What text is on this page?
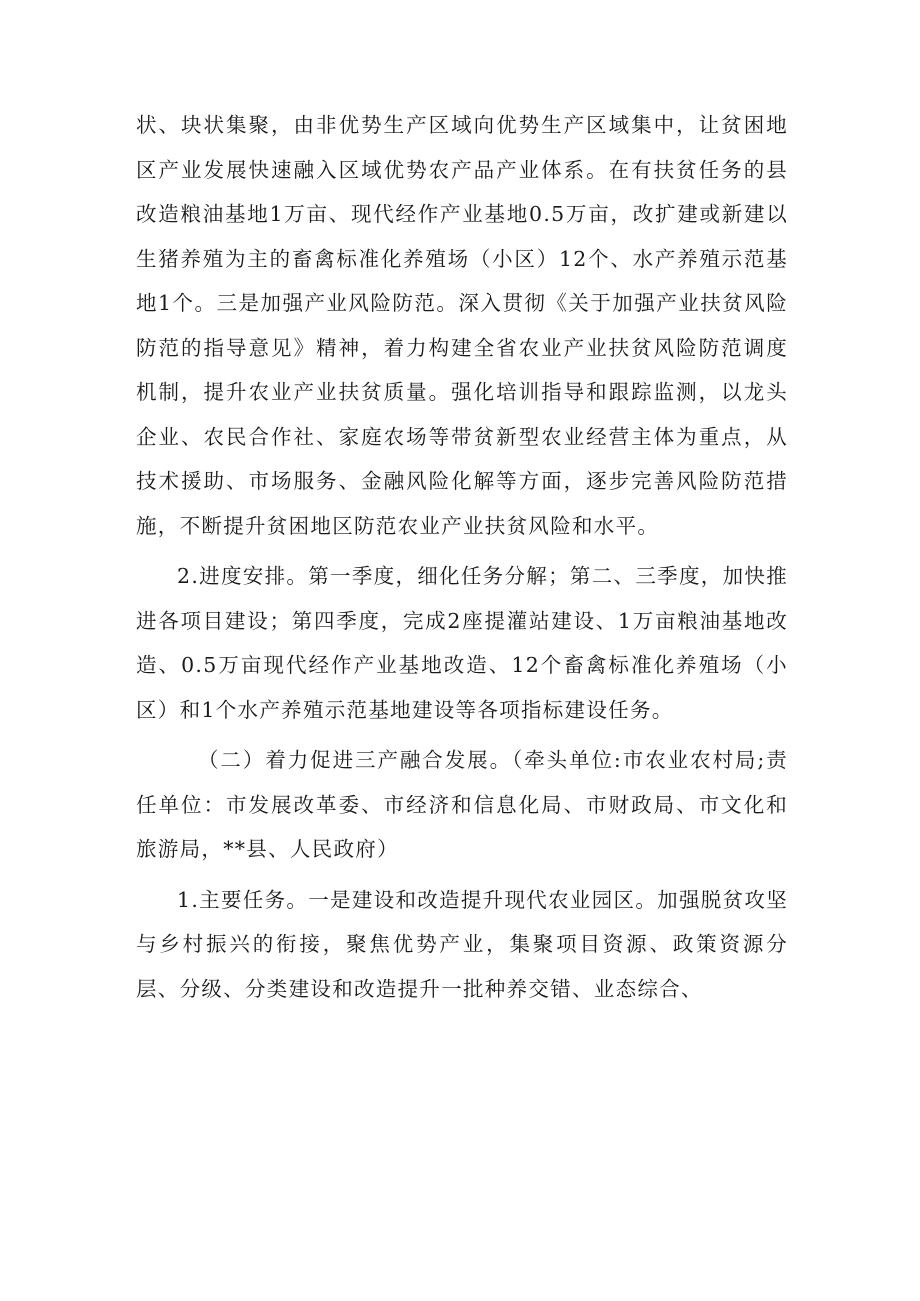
状、块状集聚，由非优势生产区域向优势生产区域集中，让贫困地区产业发展快速融入区域优势农产品产业体系。在有扶贫任务的县改造粮油基地1万亩、现代经作产业基地0.5万亩，改扩建或新建以生猪养殖为主的畜禽标准化养殖场（小区）12个、水产养殖示范基地1个。三是加强产业风险防范。深入贯彻《关于加强产业扶贫风险防范的指导意见》精神，着力构建全省农业产业扶贫风险防范调度机制，提升农业产业扶贫质量。强化培训指导和跟踪监测，以龙头企业、农民合作社、家庭农场等带贫新型农业经营主体为重点，从技术援助、市场服务、金融风险化解等方面，逐步完善风险防范措施，不断提升贫困地区防范农业产业扶贫风险和水平。

2.进度安排。第一季度，细化任务分解；第二、三季度，加快推进各项目建设；第四季度，完成2座提灌站建设、1万亩粮油基地改造、0.5万亩现代经作产业基地改造、12个畜禽标准化养殖场（小区）和1个水产养殖示范基地建设等各项指标建设任务。

（二）着力促进三产融合发展。（牵头单位:市农业农村局;责任单位：市发展改革委、市经济和信息化局、市财政局、市文化和旅游局，**县、人民政府）

1.主要任务。一是建设和改造提升现代农业园区。加强脱贫攻坚与乡村振兴的衔接，聚焦优势产业，集聚项目资源、政策资源分层、分级、分类建设和改造提升一批种养交错、业态综合、
